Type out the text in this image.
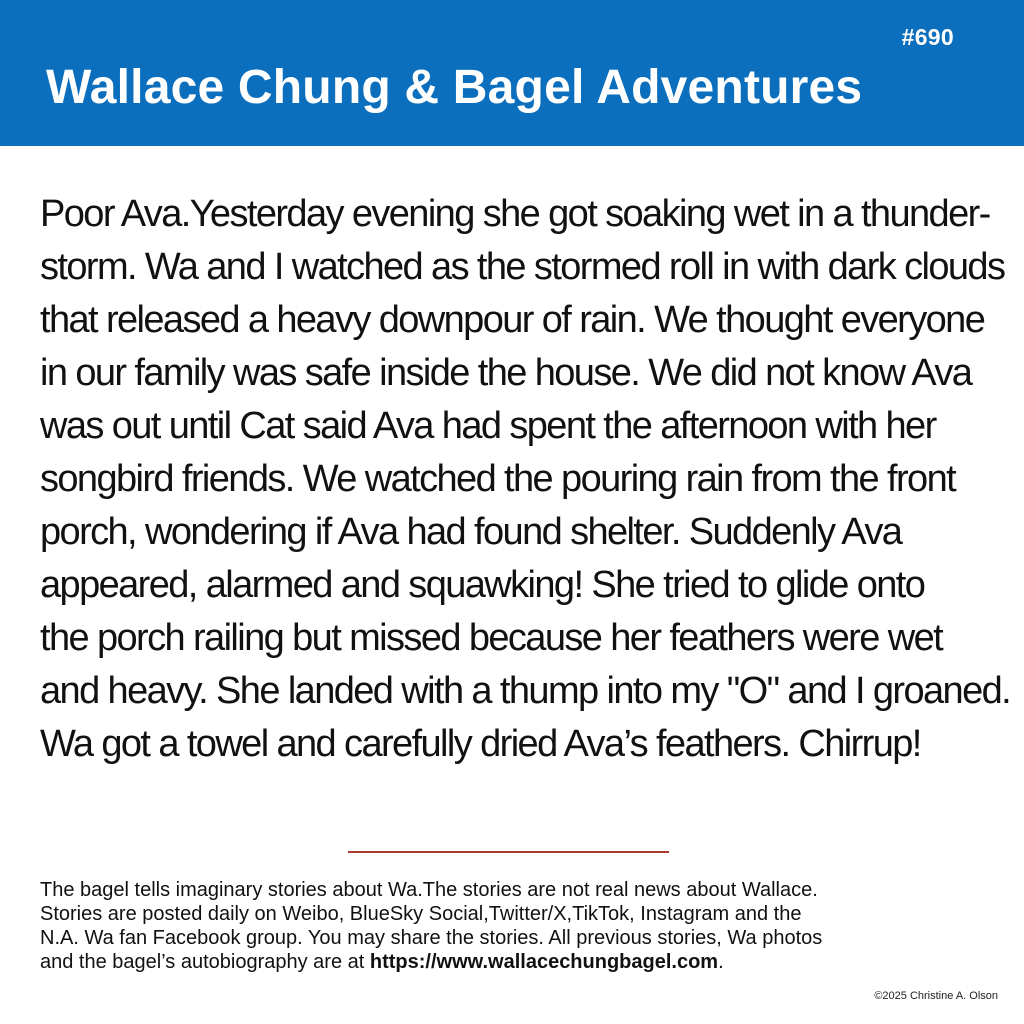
#690
Wallace Chung & Bagel Adventures
Poor Ava.Yesterday evening she got soaking wet in a thunder-
storm. Wa and I watched as the stormed roll in with dark clouds
that released a heavy downpour of rain. We thought everyone
in our family was safe inside the house. We did not know Ava
was out until Cat said Ava had spent the afternoon with her
songbird friends. We watched the pouring rain from the front
porch, wondering if Ava had found shelter. Suddenly Ava
appeared, alarmed and squawking! She tried to glide onto
the porch railing but missed because her feathers were wet
and heavy. She landed with a thump into my "O" and I groaned.
Wa got a towel and carefully dried Ava’s feathers. Chirrup!
The bagel tells imaginary stories about Wa.The stories are not real news about Wallace.
Stories are posted daily on Weibo, BlueSky Social,Twitter/X,TikTok, Instagram and the
N.A. Wa fan Facebook group. You may share the stories. All previous stories, Wa photos
and the bagel’s autobiography are at https://www.wallacechungbagel.com.
©2025 Christine A. Olson
